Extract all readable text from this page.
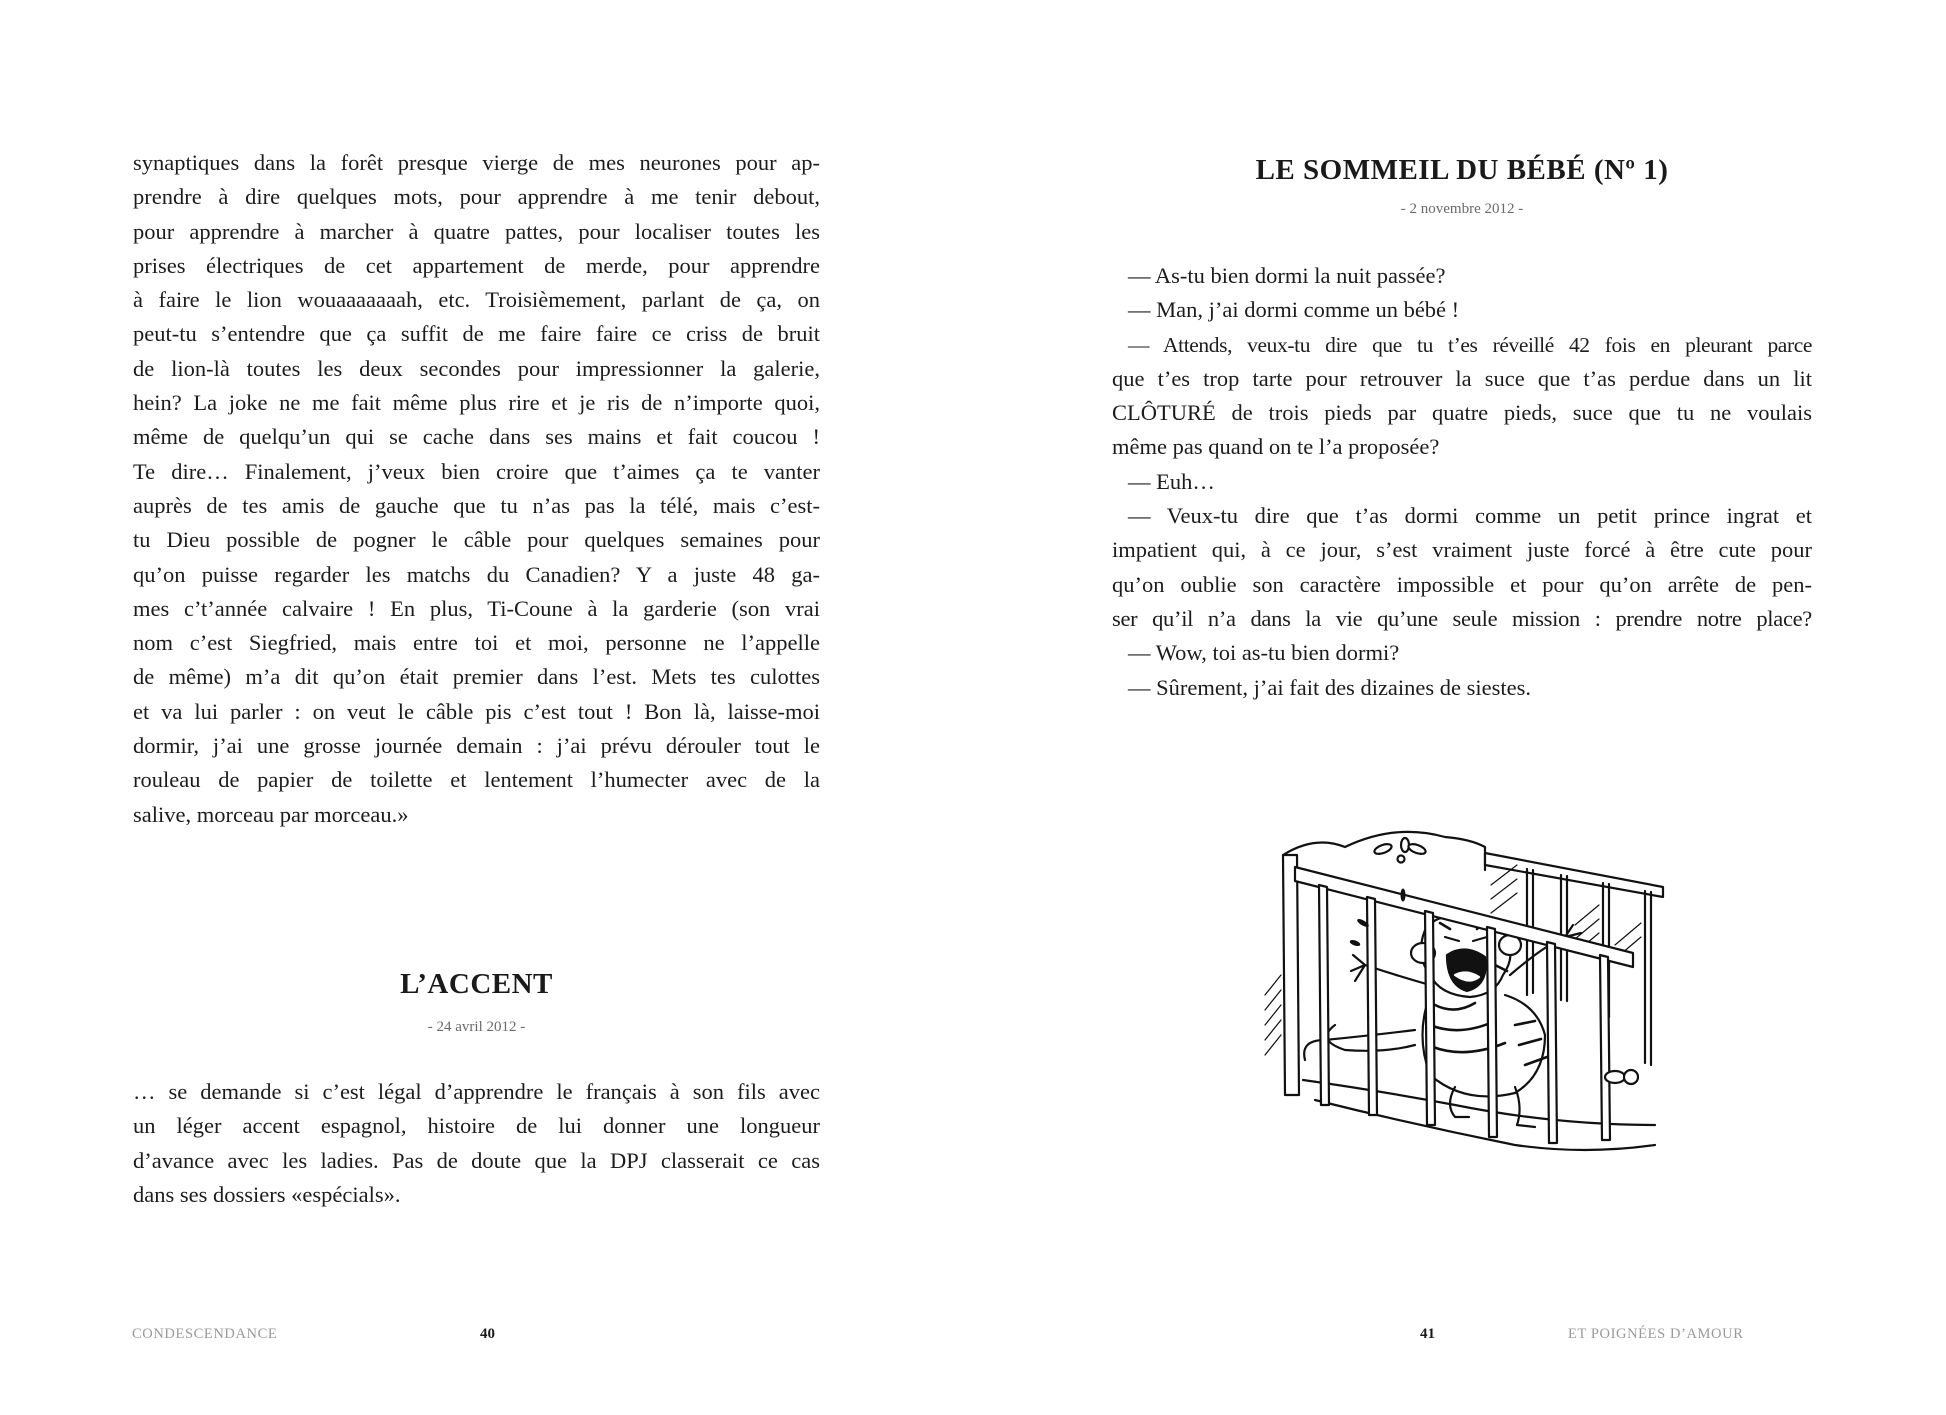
synaptiques dans la forêt presque vierge de mes neurones pour ap-
prendre à dire quelques mots, pour apprendre à me tenir debout,
pour apprendre à marcher à quatre pattes, pour localiser toutes les
prises électriques de cet appartement de merde, pour apprendre
à faire le lion wouaaaaaaah, etc. Troisièmement, parlant de ça, on
peut-tu s’entendre que ça suffit de me faire faire ce criss de bruit
de lion-là toutes les deux secondes pour impressionner la galerie,
hein? La joke ne me fait même plus rire et je ris de n’importe quoi,
même de quelqu’un qui se cache dans ses mains et fait coucou !
Te dire… Finalement, j’veux bien croire que t’aimes ça te vanter
auprès de tes amis de gauche que tu n’as pas la télé, mais c’est-
tu Dieu possible de pogner le câble pour quelques semaines pour
qu’on puisse regarder les matchs du Canadien? Y a juste 48 ga-
mes c’t’année calvaire ! En plus, Ti-Coune à la garderie (son vrai
nom c’est Siegfried, mais entre toi et moi, personne ne l’appelle
de même) m’a dit qu’on était premier dans l’est. Mets tes culottes
et va lui parler : on veut le câble pis c’est tout ! Bon là, laisse-moi
dormir, j’ai une grosse journée demain : j’ai prévu dérouler tout le
rouleau de papier de toilette et lentement l’humecter avec de la
salive, morceau par morceau.»
L’ACCENT
- 24 avril 2012 -
… se demande si c’est légal d’apprendre le français à son fils avec
un léger accent espagnol, histoire de lui donner une longueur
d’avance avec les ladies. Pas de doute que la DPJ classerait ce cas
dans ses dossiers «espécials».
CONDESCENDANCE	40
LE SOMMEIL DU BÉBÉ (Nº 1)
- 2 novembre 2012 -
— As-tu bien dormi la nuit passée?
— Man, j’ai dormi comme un bébé !
— Attends, veux-tu dire que tu t’es réveillé 42 fois en pleurant parce
que t’es trop tarte pour retrouver la suce que t’as perdue dans un lit
CLÔTURÉ de trois pieds par quatre pieds, suce que tu ne voulais
même pas quand on te l’a proposée?
— Euh…
— Veux-tu dire que t’as dormi comme un petit prince ingrat et
impatient qui, à ce jour, s’est vraiment juste forcé à être cute pour
qu’on oublie son caractère impossible et pour qu’on arrête de pen-
ser qu’il n’a dans la vie qu’une seule mission : prendre notre place?
— Wow, toi as-tu bien dormi?
— Sûrement, j’ai fait des dizaines de siestes.
ET POIGNÉES D’AMOUR
41
